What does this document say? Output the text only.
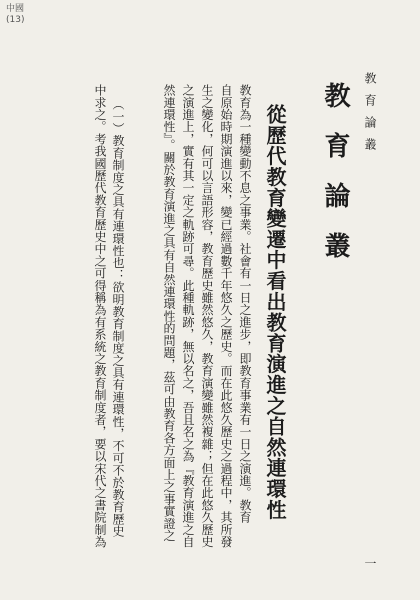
中國
(13)
教育論叢
一
教育論叢
從歷代教育變遷中看出教育演進之自然連環性
教育為一種變動不息之事業。社會有一日之進步，即教育事業有一日之演進。教育
自原始時期演進以來，變已經過數千年悠久之歷史。而在此悠久歷史之過程中，其所發
生之變化，何可以言語形容，教育歷史雖然悠久，教育演變雖然複雜；但在此悠久歷史
之演進上，實有其一定之軌跡可尋。此種軌跡，無以名之，吾且名之為『教育演進之自
然連環性』。關於教育演進之具有自然連環性的問題，茲可由教育各方面上之事實證之
（一）教育制度之具有連環性也：欲明教育制度之具有連環性，不可不於教育歷史
中求之。考我國歷代教育歷史中之可得稱為有系統之教育制度者，要以宋代之書院制為
